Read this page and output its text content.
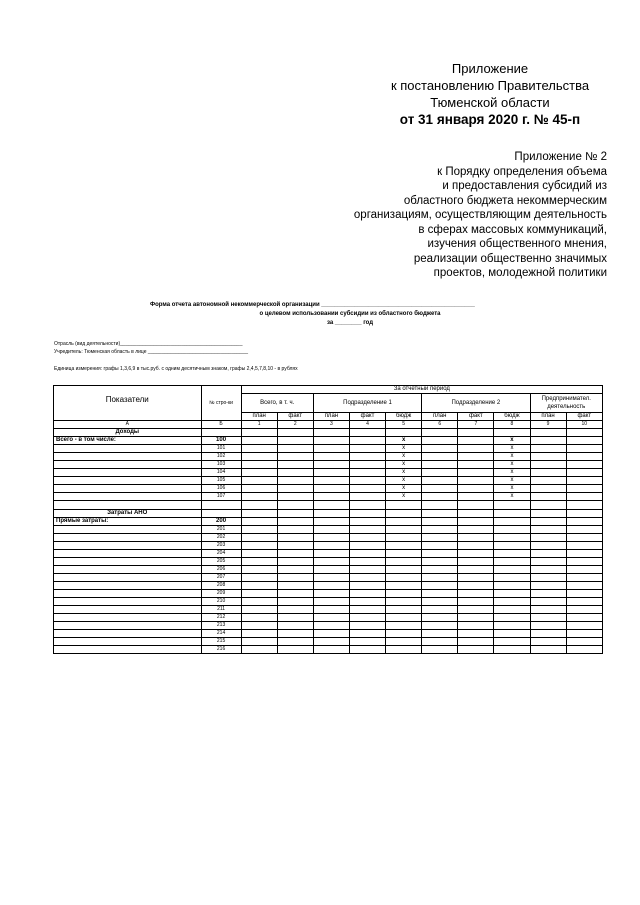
Приложение
к постановлению Правительства
Тюменской области
от 31 января 2020 г. № 45-п
Приложение № 2
к Порядку определения объема
и предоставления субсидий из
областного бюджета некоммерческим
организациям, осуществляющим деятельность
в сферах массовых коммуникаций,
изучения общественного мнения,
реализации общественно значимых
проектов, молодежной политики
Форма отчета автономной некоммерческой организации ______________________________________________
о целевом использовании субсидии из областного бюджета
за ________ год
Отрасль (вид деятельности)____________________________________________
Учредитель: Тюменская область в лице ____________________________________
Единица измерения: графы 1,3,6,9 в тыс.руб. с одним десятичным знаком, графы 2,4,5,7,8,10 - в рублях
Показатели	№ стро-ки	За отчетный период									
		Всего, в т. ч.		Подразделение 1			Подразделение 2			Предпринимател. деятельность	
		план	факт	план	факт	бюдж	план	факт	бюдж	план	факт
А	Б	1	2	3	4	5	6	7	8	9	10
Доходы											
Всего - в том числе:	100					х			х		
	101					х			х		
	102					х			х		
	103					х			х		
	104					х			х		
	105					х			х		
	106					х			х		
	107					х			х		

Затраты АНО											
Прямые затраты:	200										
	201										
	202										
	203										
	204										
	205										
	206										
	207										
	208										
	209										
	210										
	211										
	212										
	213										
	214										
	215										
	216										
